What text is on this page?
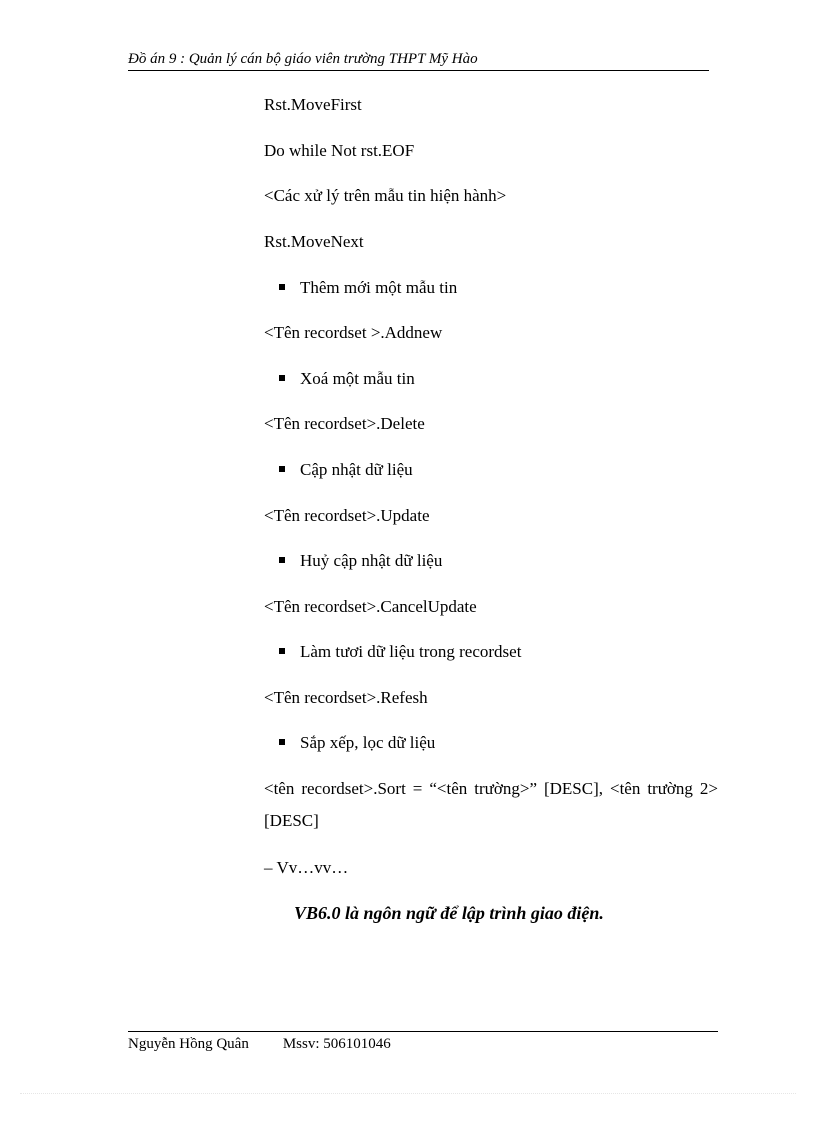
Đồ án 9 : Quản lý cán bộ giáo viên trường THPT Mỹ Hào
Rst.MoveFirst
Do while Not rst.EOF
<Các xử lý trên mẫu tin hiện hành>
Rst.MoveNext
Thêm mới một mẫu tin
<Tên recordset >.Addnew
Xoá một mẫu tin
<Tên recordset>.Delete
Cập nhật dữ liệu
<Tên recordset>.Update
Huỷ cập nhật dữ liệu
<Tên recordset>.CancelUpdate
Làm tươi dữ liệu trong recordset
<Tên recordset>.Refesh
Sắp xếp, lọc dữ liệu
<tên recordset>.Sort = “<tên trường>” [DESC], <tên trường 2> [DESC]
– Vv…vv…
VB6.0 là ngôn ngữ để lập trình giao điện.
Nguyễn Hồng Quân Mssv: 506101046
